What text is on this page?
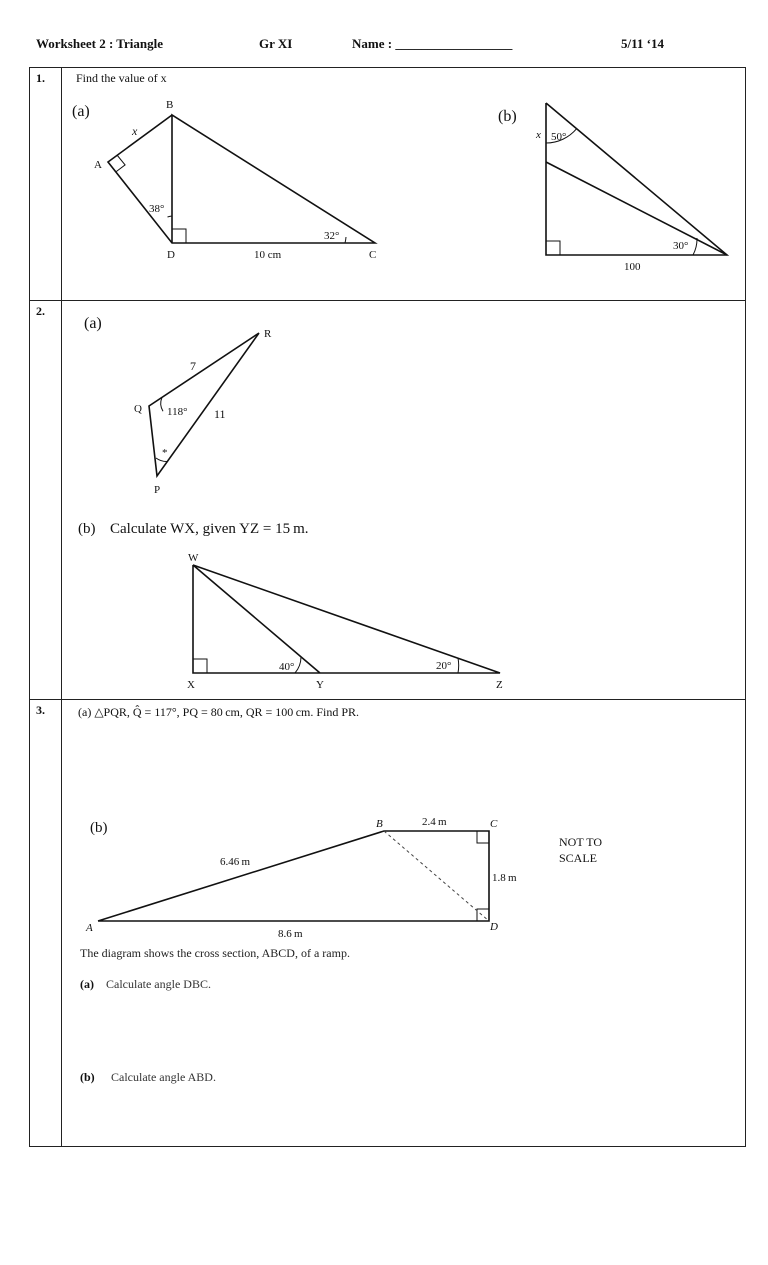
Worksheet 2 : Triangle	Gr XI	Name : __________________	5/11 ‘14
(a)	B
A
D	C
x
38°
32°
10 cm
(b)
x 50°
30°
100
(a)
R
Q
P
7
11
118°
*
(b) Calculate WX, given YZ = 15 m.
W
X	Y	Z
40°	20°
(b)
A
B	C
D
2.4 m
6.46 m
1.8 m
8.6 m
NOT TO
SCALE
1.
2.
3.
Find the value of x
(a) △PQR, Q̂ = 117°, PQ = 80 cm, QR = 100 cm. Find PR.
The diagram shows the cross section, ABCD, of a ramp.
(a) Calculate angle DBC.
(b) Calculate angle ABD.
